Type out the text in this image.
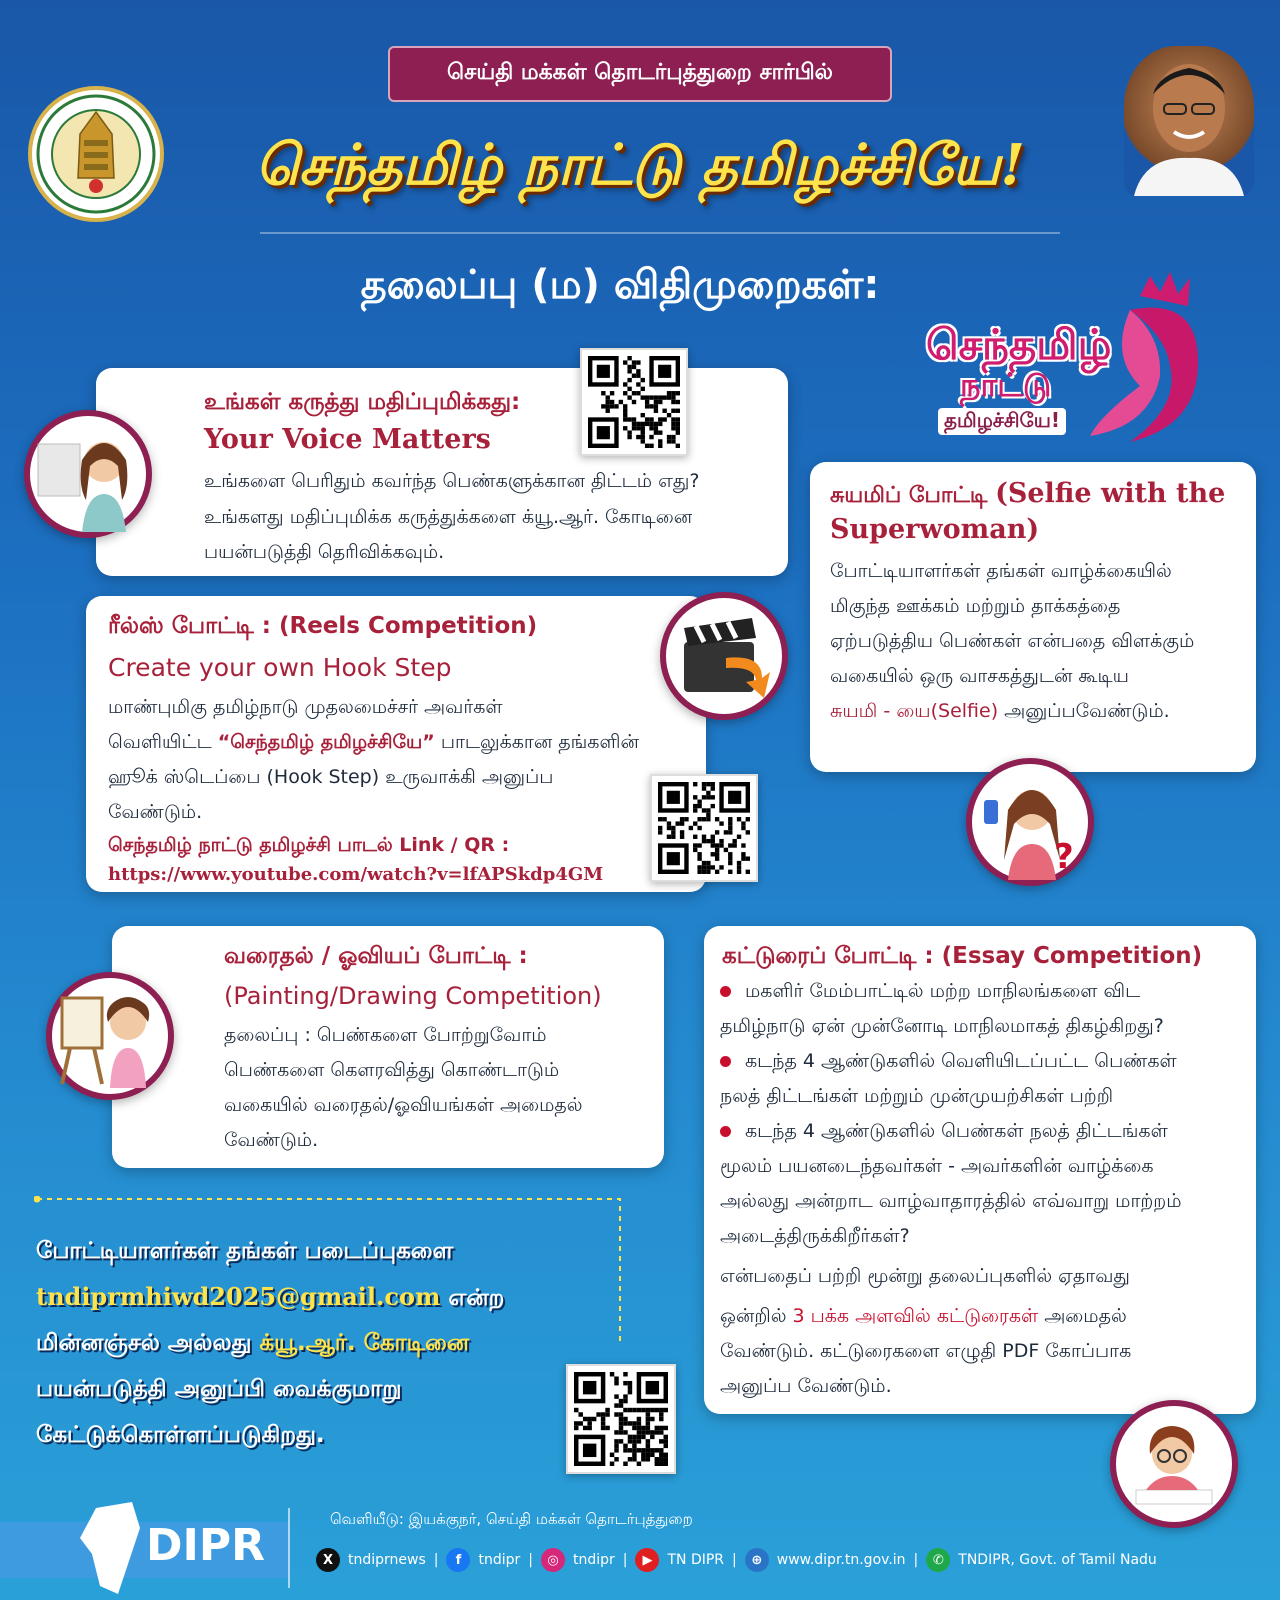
செய்தி மக்கள் தொடர்புத்துறை சார்பில்
செந்தமிழ் நாட்டு தமிழச்சியே!
தலைப்பு (ம) விதிமுறைகள்:
செந்தமிழ்
நாட்டு
தமிழச்சியே!
உங்கள் கருத்து மதிப்புமிக்கது:
Your Voice Matters
உங்களை பெரிதும் கவர்ந்த பெண்களுக்கான திட்டம் எது?
உங்களது மதிப்புமிக்க கருத்துக்களை க்யூ.ஆர். கோடினை
பயன்படுத்தி தெரிவிக்கவும்.
சுயமிப் போட்டி (Selfie with the
Superwoman)
போட்டியாளர்கள் தங்கள் வாழ்க்கையில்
மிகுந்த ஊக்கம் மற்றும் தாக்கத்தை
ஏற்படுத்திய பெண்கள் என்பதை விளக்கும்
வகையில் ஒரு வாசகத்துடன் கூடிய
சுயமி - யை(Selfie) அனுப்பவேண்டும்.
?
ரீல்ஸ் போட்டி : (Reels Competition)
Create your own Hook Step
மாண்புமிகு தமிழ்நாடு முதலமைச்சர் அவர்கள்
வெளியிட்ட “செந்தமிழ் தமிழச்சியே” பாடலுக்கான தங்களின்
ஹூக் ஸ்டெப்பை (Hook Step) உருவாக்கி அனுப்ப
வேண்டும்.
செந்தமிழ் நாட்டு தமிழச்சி பாடல் Link / QR :
https://www.youtube.com/watch?v=lfAPSkdp4GM
வரைதல் / ஓவியப் போட்டி :
(Painting/Drawing Competition)
தலைப்பு : பெண்களை போற்றுவோம்
பெண்களை கௌரவித்து கொண்டாடும்
வகையில் வரைதல்/ஓவியங்கள் அமைதல்
வேண்டும்.
கட்டுரைப் போட்டி : (Essay Competition)
மகளிர் மேம்பாட்டில் மற்ற மாநிலங்களை விட
தமிழ்நாடு ஏன் முன்னோடி மாநிலமாகத் திகழ்கிறது?
கடந்த 4 ஆண்டுகளில் வெளியிடப்பட்ட பெண்கள்
நலத் திட்டங்கள் மற்றும் முன்முயற்சிகள் பற்றி
கடந்த 4 ஆண்டுகளில் பெண்கள் நலத் திட்டங்கள்
மூலம் பயனடைந்தவர்கள் - அவர்களின் வாழ்க்கை
அல்லது அன்றாட வாழ்வாதாரத்தில் எவ்வாறு மாற்றம்
அடைத்திருக்கிறீர்கள்?
என்பதைப் பற்றி மூன்று தலைப்புகளில் ஏதாவது
ஒன்றில் 3 பக்க அளவில் கட்டுரைகள் அமைதல்
வேண்டும். கட்டுரைகளை எழுதி PDF கோப்பாக
அனுப்ப வேண்டும்.
போட்டியாளர்கள் தங்கள் படைப்புகளை
tndiprmhiwd2025@gmail.com என்ற
மின்னஞ்சல் அல்லது க்யூ.ஆர். கோடினை
பயன்படுத்தி அனுப்பி வைக்குமாறு
கேட்டுக்கொள்ளப்படுகிறது.
DIPR
வெளியீடு: இயக்குநர், செய்தி மக்கள் தொடர்புத்துறை
X	tndiprnews |	f	tndipr |	◎	tndipr |	▶	TN DIPR |	⊕	www.dipr.tn.gov.in |	✆	TNDIPR, Govt. of Tamil Nadu
